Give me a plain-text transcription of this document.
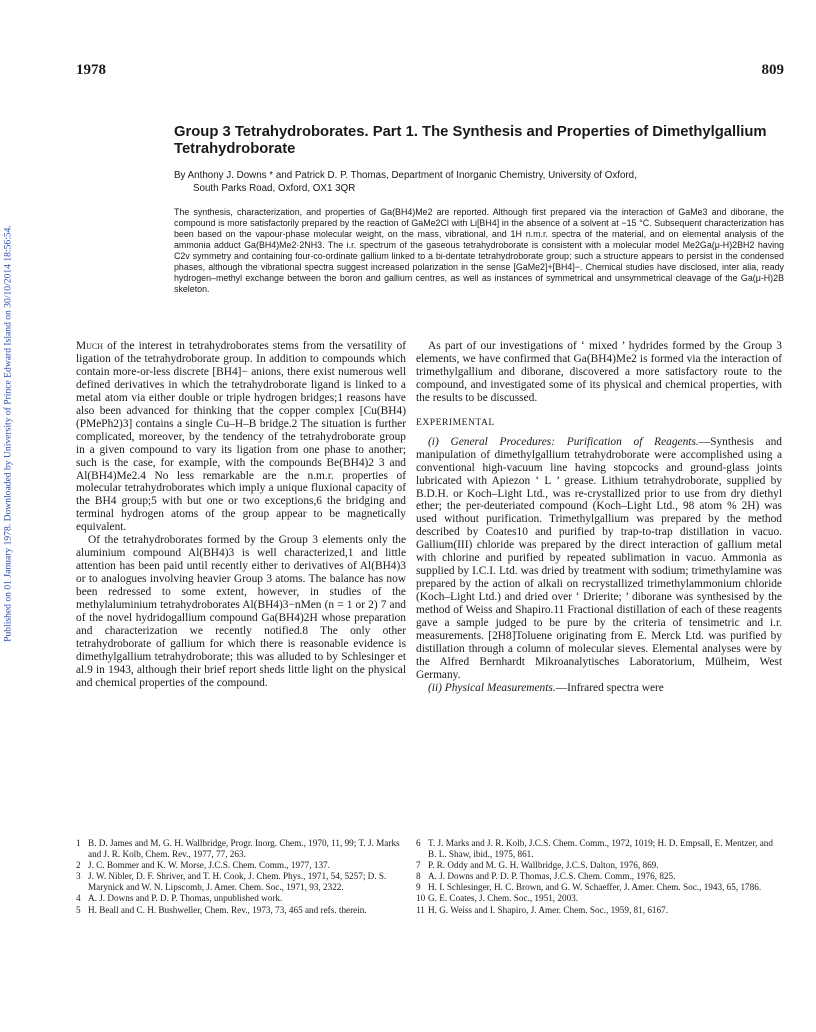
1978	809
Published on 01 January 1978. Downloaded by University of Prince Edward Island on 30/10/2014 18:56:54.
Group 3 Tetrahydroborates. Part 1. The Synthesis and Properties of Dimethylgallium Tetrahydroborate
By Anthony J. Downs * and Patrick D. P. Thomas, Department of Inorganic Chemistry, University of Oxford,
South Parks Road, Oxford, OX1 3QR
The synthesis, characterization, and properties of Ga(BH4)Me2 are reported. Although first prepared via the interaction of GaMe3 and diborane, the compound is more satisfactorily prepared by the reaction of GaMe2Cl with Li[BH4] in the absence of a solvent at −15 °C. Subsequent characterization has been based on the vapour-phase molecular weight, on the mass, vibrational, and 1H n.m.r. spectra of the material, and on elemental analysis of the ammonia adduct Ga(BH4)Me2·2NH3. The i.r. spectrum of the gaseous tetrahydroborate is consistent with a molecular model Me2Ga(μ-H)2BH2 having C2v symmetry and containing four-co-ordinate gallium linked to a bi-dentate tetrahydroborate group; such a structure appears to persist in the condensed phases, although the vibrational spectra suggest increased polarization in the sense [GaMe2]+[BH4]−. Chemical studies have disclosed, inter alia, ready hydrogen–methyl exchange between the boron and gallium centres, as well as instances of symmetrical and unsymmetrical cleavage of the Ga(μ-H)2B skeleton.

Much of the interest in tetrahydroborates stems from the versatility of ligation of the tetrahydroborate group. In addition to compounds which contain more-or-less discrete [BH4]− anions, there exist numerous well defined derivatives in which the tetrahydroborate ligand is linked to a metal atom via either double or triple hydrogen bridges;1 reasons have also been advanced for thinking that the copper complex [Cu(BH4)(PMePh2)3] contains a single Cu–H–B bridge.2 The situation is further complicated, moreover, by the tendency of the tetrahydroborate group in a given compound to vary its ligation from one phase to another; such is the case, for example, with the compounds Be(BH4)2 3 and Al(BH4)Me2.4 No less remarkable are the n.m.r. properties of molecular tetrahydroborates which imply a unique fluxional capacity of the BH4 group;5 with but one or two exceptions,6 the bridging and terminal hydrogen atoms of the group appear to be magnetically equivalent.

Of the tetrahydroborates formed by the Group 3 elements only the aluminium compound Al(BH4)3 is well characterized,1 and little attention has been paid until recently either to derivatives of Al(BH4)3 or to analogues involving heavier Group 3 atoms. The balance has now been redressed to some extent, however, in studies of the methylaluminium tetrahydroborates Al(BH4)3−nMen (n = 1 or 2) 7 and of the novel hydridogallium compound Ga(BH4)2H whose preparation and characterization we recently notified.8 The only other tetrahydroborate of gallium for which there is reasonable evidence is dimethylgallium tetrahydroborate; this was alluded to by Schlesinger et al.9 in 1943, although their brief report sheds little light on the physical and chemical properties of the compound.

As part of our investigations of ‘ mixed ’ hydrides formed by the Group 3 elements, we have confirmed that Ga(BH4)Me2 is formed via the interaction of trimethylgallium and diborane, discovered a more satisfactory route to the compound, and investigated some of its physical and chemical properties, with the results to be discussed.

EXPERIMENTAL

(i) General Procedures: Purification of Reagents.—Synthesis and manipulation of dimethylgallium tetrahydroborate were accomplished using a conventional high-vacuum line having stopcocks and ground-glass joints lubricated with Apiezon ‘ L ’ grease. Lithium tetrahydroborate, supplied by B.D.H. or Koch–Light Ltd., was re-crystallized prior to use from dry diethyl ether; the per-deuteriated compound (Koch–Light Ltd., 98 atom % 2H) was used without purification. Trimethylgallium was prepared by the method described by Coates10 and purified by trap-to-trap distillation in vacuo. Gallium(III) chloride was prepared by the direct interaction of gallium metal with chlorine and purified by repeated sublimation in vacuo. Ammonia as supplied by I.C.I. Ltd. was dried by treatment with sodium; trimethylamine was prepared by the action of alkali on recrystallized trimethylammonium chloride (Koch–Light Ltd.) and dried over ‘ Drierite; ’ diborane was synthesised by the method of Weiss and Shapiro.11 Fractional distillation of each of these reagents gave a sample judged to be pure by the criteria of tensimetric and i.r. measurements. [2H8]Toluene originating from E. Merck Ltd. was purified by distillation through a column of molecular sieves. Elemental analyses were by the Alfred Bernhardt Mikroanalytisches Laboratorium, Mülheim, West Germany.

(ii) Physical Measurements.—Infrared spectra were

1 B. D. James and M. G. H. Wallbridge, Progr. Inorg. Chem., 1970, 11, 99; T. J. Marks and J. R. Kolb, Chem. Rev., 1977, 77, 263.

2 J. C. Bommer and K. W. Morse, J.C.S. Chem. Comm., 1977, 137.

3 J. W. Nibler, D. F. Shriver, and T. H. Cook, J. Chem. Phys., 1971, 54, 5257; D. S. Marynick and W. N. Lipscomb, J. Amer. Chem. Soc., 1971, 93, 2322.

4 A. J. Downs and P. D. P. Thomas, unpublished work.

5 H. Beall and C. H. Bushweller, Chem. Rev., 1973, 73, 465 and refs. therein.

6 T. J. Marks and J. R. Kolb, J.C.S. Chem. Comm., 1972, 1019; H. D. Empsall, E. Mentzer, and B. L. Shaw, ibid., 1975, 861.

7 P. R. Oddy and M. G. H. Wallbridge, J.C.S. Dalton, 1976, 869.

8 A. J. Downs and P. D. P. Thomas, J.C.S. Chem. Comm., 1976, 825.

9 H. I. Schlesinger, H. C. Brown, and G. W. Schaeffer, J. Amer. Chem. Soc., 1943, 65, 1786.

10 G. E. Coates, J. Chem. Soc., 1951, 2003.

11 H. G. Weiss and I. Shapiro, J. Amer. Chem. Soc., 1959, 81, 6167.
